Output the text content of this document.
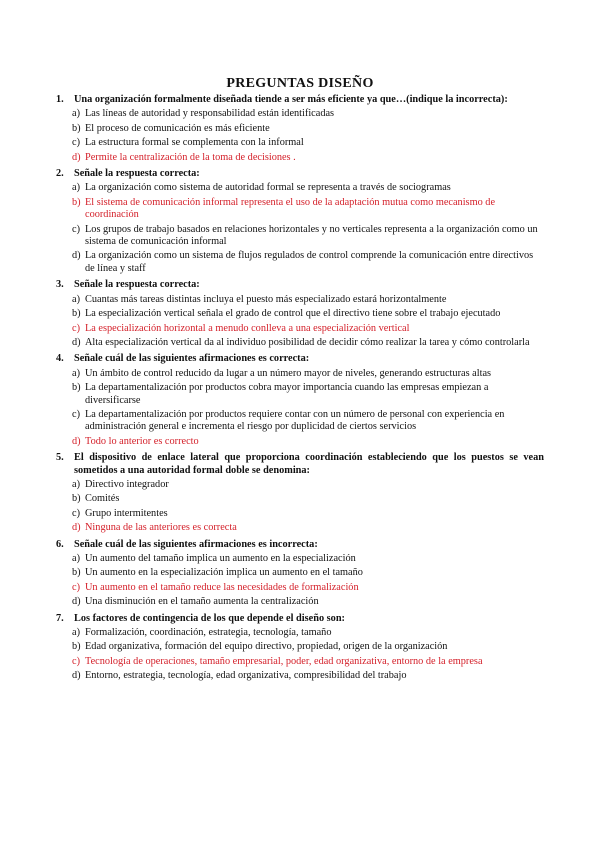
PREGUNTAS DISEÑO
1. Una organización formalmente diseñada tiende a ser más eficiente ya que…(indique la incorrecta):
a) Las líneas de autoridad y responsabilidad están identificadas
b) El proceso de comunicación es más eficiente
c) La estructura formal se complementa con la informal
d) Permite la centralización de la toma de decisiones .
2. Señale la respuesta correcta:
a) La organización como sistema de autoridad formal se representa a través de sociogramas
b) El sistema de comunicación informal representa el uso de la adaptación mutua como mecanismo de coordinación
c) Los grupos de trabajo basados en relaciones horizontales y no verticales representa a la organización como un sistema de comunicación informal
d) La organización como un sistema de flujos regulados de control comprende la comunicación entre directivos de línea y staff
3. Señale la respuesta correcta:
a) Cuantas más tareas distintas incluya el puesto más especializado estará horizontalmente
b) La especialización vertical señala el grado de control que el directivo tiene sobre el trabajo ejecutado
c) La especialización horizontal a menudo conlleva a una especialización vertical
d) Alta especialización vertical da al individuo posibilidad de decidir cómo realizar la tarea y cómo controlarla
4. Señale cuál de las siguientes afirmaciones es correcta:
a) Un ámbito de control reducido da lugar a un número mayor de niveles, generando estructuras altas
b) La departamentalización por productos cobra mayor importancia cuando las empresas empiezan a diversificarse
c) La departamentalización por productos requiere contar con un número de personal con experiencia en administración general e incrementa el riesgo por duplicidad de ciertos servicios
d) Todo lo anterior es correcto
5. El dispositivo de enlace lateral que proporciona coordinación estableciendo que los puestos se vean sometidos a una autoridad formal doble se denomina:
a) Directivo integrador
b) Comités
c) Grupo intermitentes
d) Ninguna de las anteriores es correcta
6. Señale cuál de las siguientes afirmaciones es incorrecta:
a) Un aumento del tamaño implica un aumento en la especialización
b) Un aumento en la especialización implica un aumento en el tamaño
c) Un aumento en el tamaño reduce las necesidades de formalización
d) Una disminución en el tamaño aumenta la centralización
7. Los factores de contingencia de los que depende el diseño son:
a) Formalización, coordinación, estrategia, tecnología, tamaño
b) Edad organizativa, formación del equipo directivo, propiedad, origen de la organización
c) Tecnología de operaciones, tamaño empresarial, poder, edad organizativa, entorno de la empresa
d) Entorno, estrategia, tecnología, edad organizativa, compresibilidad del trabajo
